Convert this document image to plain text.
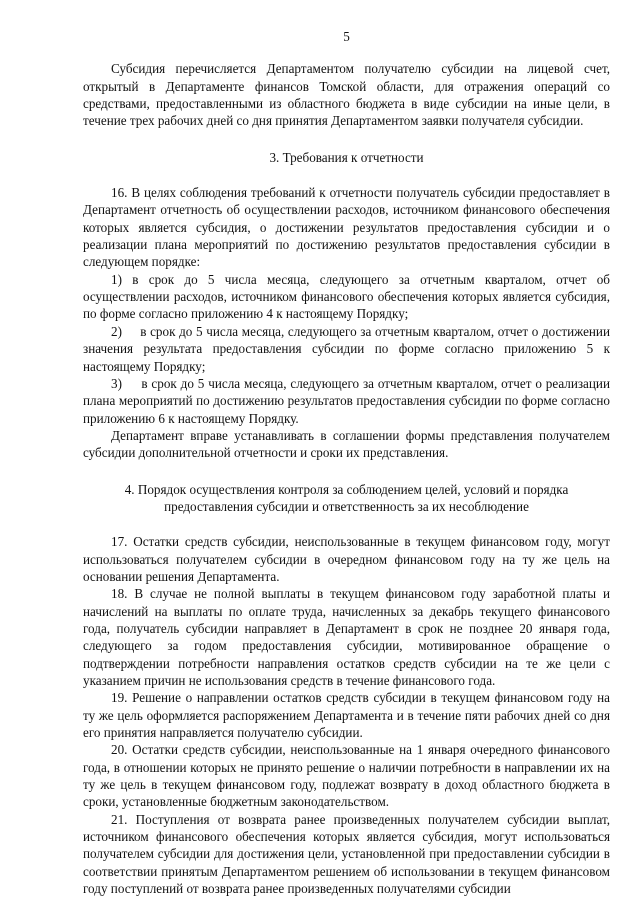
5

Субсидия перечисляется Департаментом получателю субсидии на лицевой счет, открытый в Департаменте финансов Томской области, для отражения операций со средствами, предоставленными из областного бюджета в виде субсидии на иные цели, в течение трех рабочих дней со дня принятия Департаментом заявки получателя субсидии.

3. Требования к отчетности

16. В целях соблюдения требований к отчетности получатель субсидии предоставляет в Департамент отчетность об осуществлении расходов, источником финансового обеспечения которых является субсидия, о достижении результатов предоставления субсидии и о реализации плана мероприятий по достижению результатов предоставления субсидии в следующем порядке:

1) в срок до 5 числа месяца, следующего за отчетным кварталом, отчет об осуществлении расходов, источником финансового обеспечения которых является субсидия, по форме согласно приложению 4 к настоящему Порядку;

2)     в срок до 5 числа месяца, следующего за отчетным кварталом, отчет о достижении значения результата предоставления субсидии по форме согласно приложению 5 к настоящему Порядку;

3)     в срок до 5 числа месяца, следующего за отчетным кварталом, отчет о реализации плана мероприятий по достижению результатов предоставления субсидии по форме согласно приложению 6 к настоящему Порядку.

Департамент вправе устанавливать в соглашении формы представления получателем субсидии дополнительной отчетности и сроки их представления.

4. Порядок осуществления контроля за соблюдением целей, условий и порядка
предоставления субсидии и ответственность за их несоблюдение

17. Остатки средств субсидии, неиспользованные в текущем финансовом году, могут использоваться получателем субсидии в очередном финансовом году на ту же цель на основании решения Департамента.

18. В случае не полной выплаты в текущем финансовом году заработной платы и начислений на выплаты по оплате труда, начисленных за декабрь текущего финансового года, получатель субсидии направляет в Департамент в срок не позднее 20 января года, следующего за годом предоставления субсидии, мотивированное обращение о подтверждении потребности направления остатков средств субсидии на те же цели с указанием причин не использования средств в течение финансового года.

19. Решение о направлении остатков средств субсидии в текущем финансовом году на ту же цель оформляется распоряжением Департамента и в течение пяти рабочих дней со дня его принятия направляется получателю субсидии.

20. Остатки средств субсидии, неиспользованные на 1 января очередного финансового года, в отношении которых не принято решение о наличии потребности в направлении их на ту же цель в текущем финансовом году, подлежат возврату в доход областного бюджета в сроки, установленные бюджетным законодательством.

21. Поступления от возврата ранее произведенных получателем субсидии выплат, источником финансового обеспечения которых является субсидия, могут использоваться получателем субсидии для достижения цели, установленной при предоставлении субсидии в соответствии принятым Департаментом решением об использовании в текущем финансовом году поступлений от возврата ранее произведенных получателями субсидии
